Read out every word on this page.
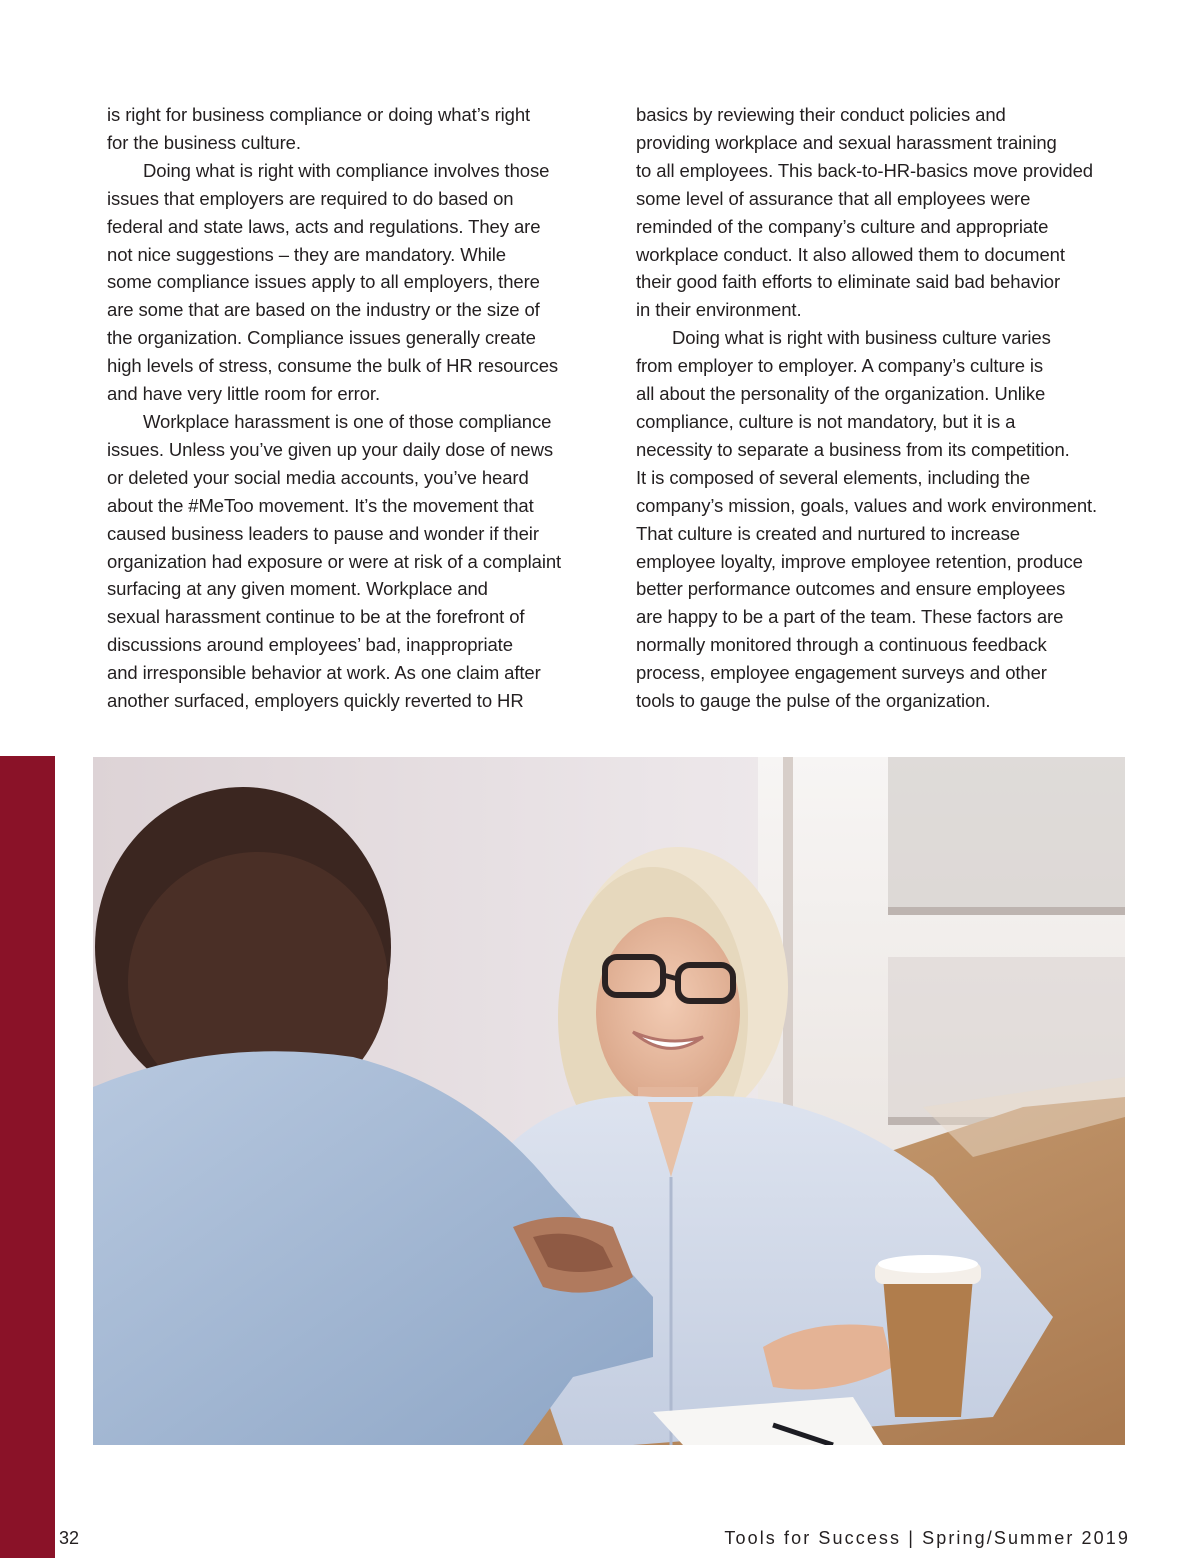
is right for business compliance or doing what’s right
for the business culture.
Doing what is right with compliance involves those
issues that employers are required to do based on
federal and state laws, acts and regulations. They are
not nice suggestions – they are mandatory. While
some compliance issues apply to all employers, there
are some that are based on the industry or the size of
the organization. Compliance issues generally create
high levels of stress, consume the bulk of HR resources
and have very little room for error.
Workplace harassment is one of those compliance
issues. Unless you’ve given up your daily dose of news
or deleted your social media accounts, you’ve heard
about the #MeToo movement. It’s the movement that
caused business leaders to pause and wonder if their
organization had exposure or were at risk of a complaint
surfacing at any given moment. Workplace and
sexual harassment continue to be at the forefront of
discussions around employees’ bad, inappropriate
and irresponsible behavior at work. As one claim after
another surfaced, employers quickly reverted to HR
basics by reviewing their conduct policies and
providing workplace and sexual harassment training
to all employees. This back-to-HR-basics move provided
some level of assurance that all employees were
reminded of the company’s culture and appropriate
workplace conduct. It also allowed them to document
their good faith efforts to eliminate said bad behavior
in their environment.
Doing what is right with business culture varies
from employer to employer. A company’s culture is
all about the personality of the organization. Unlike
compliance, culture is not mandatory, but it is a
necessity to separate a business from its competition.
It is composed of several elements, including the
company’s mission, goals, values and work environment.
That culture is created and nurtured to increase
employee loyalty, improve employee retention, produce
better performance outcomes and ensure employees
are happy to be a part of the team. These factors are
normally monitored through a continuous feedback
process, employee engagement surveys and other
tools to gauge the pulse of the organization.
32	Tools for Success | Spring/Summer 2019
